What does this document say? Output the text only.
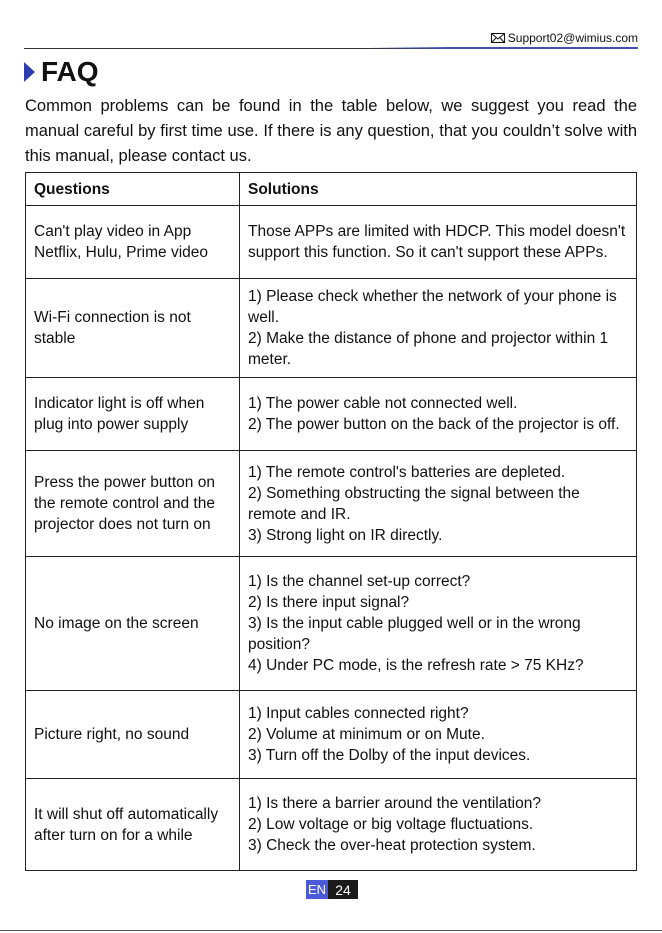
Support02@wimius.com
FAQ
Common problems can be found in the table below, we suggest you read the manual careful by first time use. If there is any question, that you couldn’t solve with this manual, please contact us.
Questions	Solutions
Can't play video in App Netflix, Hulu, Prime video	Those APPs are limited with HDCP. This model doesn't support this function. So it can't support these APPs.

Wi-Fi connection is not stable	1) Please check whether the network of your phone is well.
2) Make the distance of phone and projector within 1 meter.

Indicator light is off when plug into power supply	1) The power cable not connected well.
2) The power button on the back of the projector is off.

Press the power button on the remote control and the projector does not turn on	1) The remote control's batteries are depleted.
2) Something obstructing the signal between the remote and IR.
3) Strong light on IR directly.

No image on the screen	1) Is the channel set-up correct?
2) Is there input signal?
3) Is the input cable plugged well or in the wrong position?
4) Under PC mode, is the refresh rate > 75 KHz?

Picture right, no sound	1) Input cables connected right?
2) Volume at minimum or on Mute.
3) Turn off the Dolby of the input devices.

It will shut off automatically after turn on for a while	1) Is there a barrier around the ventilation?
2) Low voltage or big voltage fluctuations.
3) Check the over-heat protection system.
EN 24
